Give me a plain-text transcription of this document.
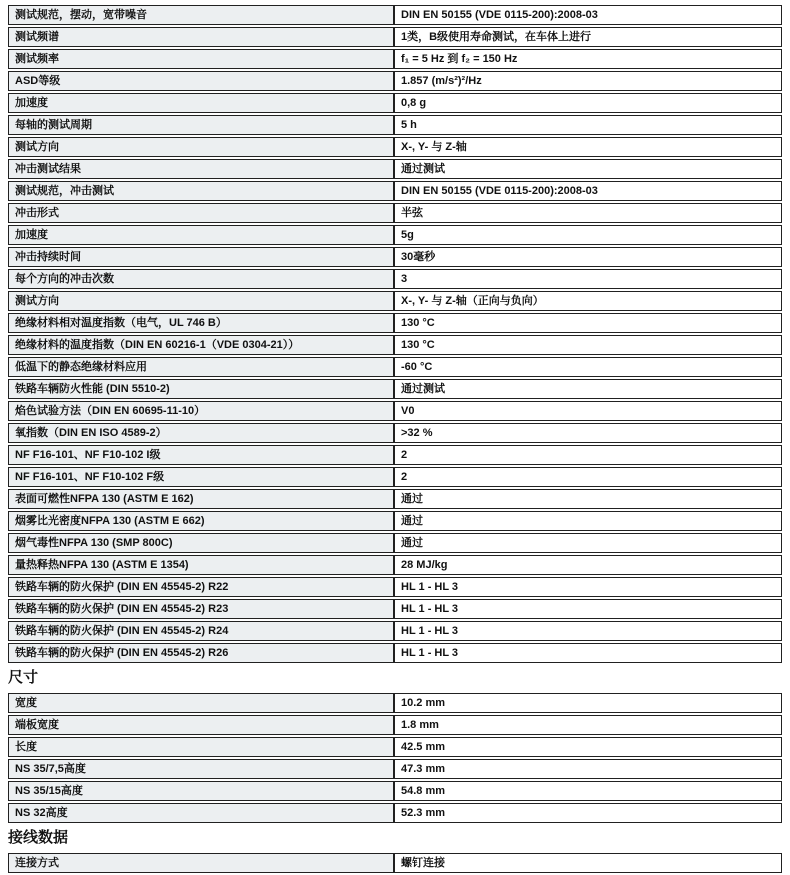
测试规范，摆动，宽带噪音	DIN EN 50155 (VDE 0115-200):2008-03
测试频谱	1类，B级使用寿命测试，在车体上进行
测试频率	f₁ = 5 Hz 到 f₂ = 150 Hz
ASD等级	1.857 (m/s²)²/Hz
加速度	0,8 g
每轴的测试周期	5 h
测试方向	X-, Y- 与 Z-轴
冲击测试结果	通过测试
测试规范，冲击测试	DIN EN 50155 (VDE 0115-200):2008-03
冲击形式	半弦
加速度	5g
冲击持续时间	30毫秒
每个方向的冲击次数	3
测试方向	X-, Y- 与 Z-轴（正向与负向）
绝缘材料相对温度指数（电气，UL 746 B）	130 °C
绝缘材料的温度指数（DIN EN 60216-1（VDE 0304-21））	130 °C
低温下的静态绝缘材料应用	-60 °C
铁路车辆防火性能 (DIN 5510-2)	通过测试
焰色试验方法（DIN EN 60695-11-10）	V0
氧指数（DIN EN ISO 4589-2）	>32 %
NF F16-101、NF F10-102 I级	2
NF F16-101、NF F10-102 F级	2
表面可燃性NFPA 130 (ASTM E 162)	通过
烟雾比光密度NFPA 130 (ASTM E 662)	通过
烟气毒性NFPA 130 (SMP 800C)	通过
量热释热NFPA 130 (ASTM E 1354)	28 MJ/kg
铁路车辆的防火保护 (DIN EN 45545-2) R22	HL 1 - HL 3
铁路车辆的防火保护 (DIN EN 45545-2) R23	HL 1 - HL 3
铁路车辆的防火保护 (DIN EN 45545-2) R24	HL 1 - HL 3
铁路车辆的防火保护 (DIN EN 45545-2) R26	HL 1 - HL 3
尺寸
宽度	10.2 mm
端板宽度	1.8 mm
长度	42.5 mm
NS 35/7,5高度	47.3 mm
NS 35/15高度	54.8 mm
NS 32高度	52.3 mm
接线数据
连接方式	螺钉连接
